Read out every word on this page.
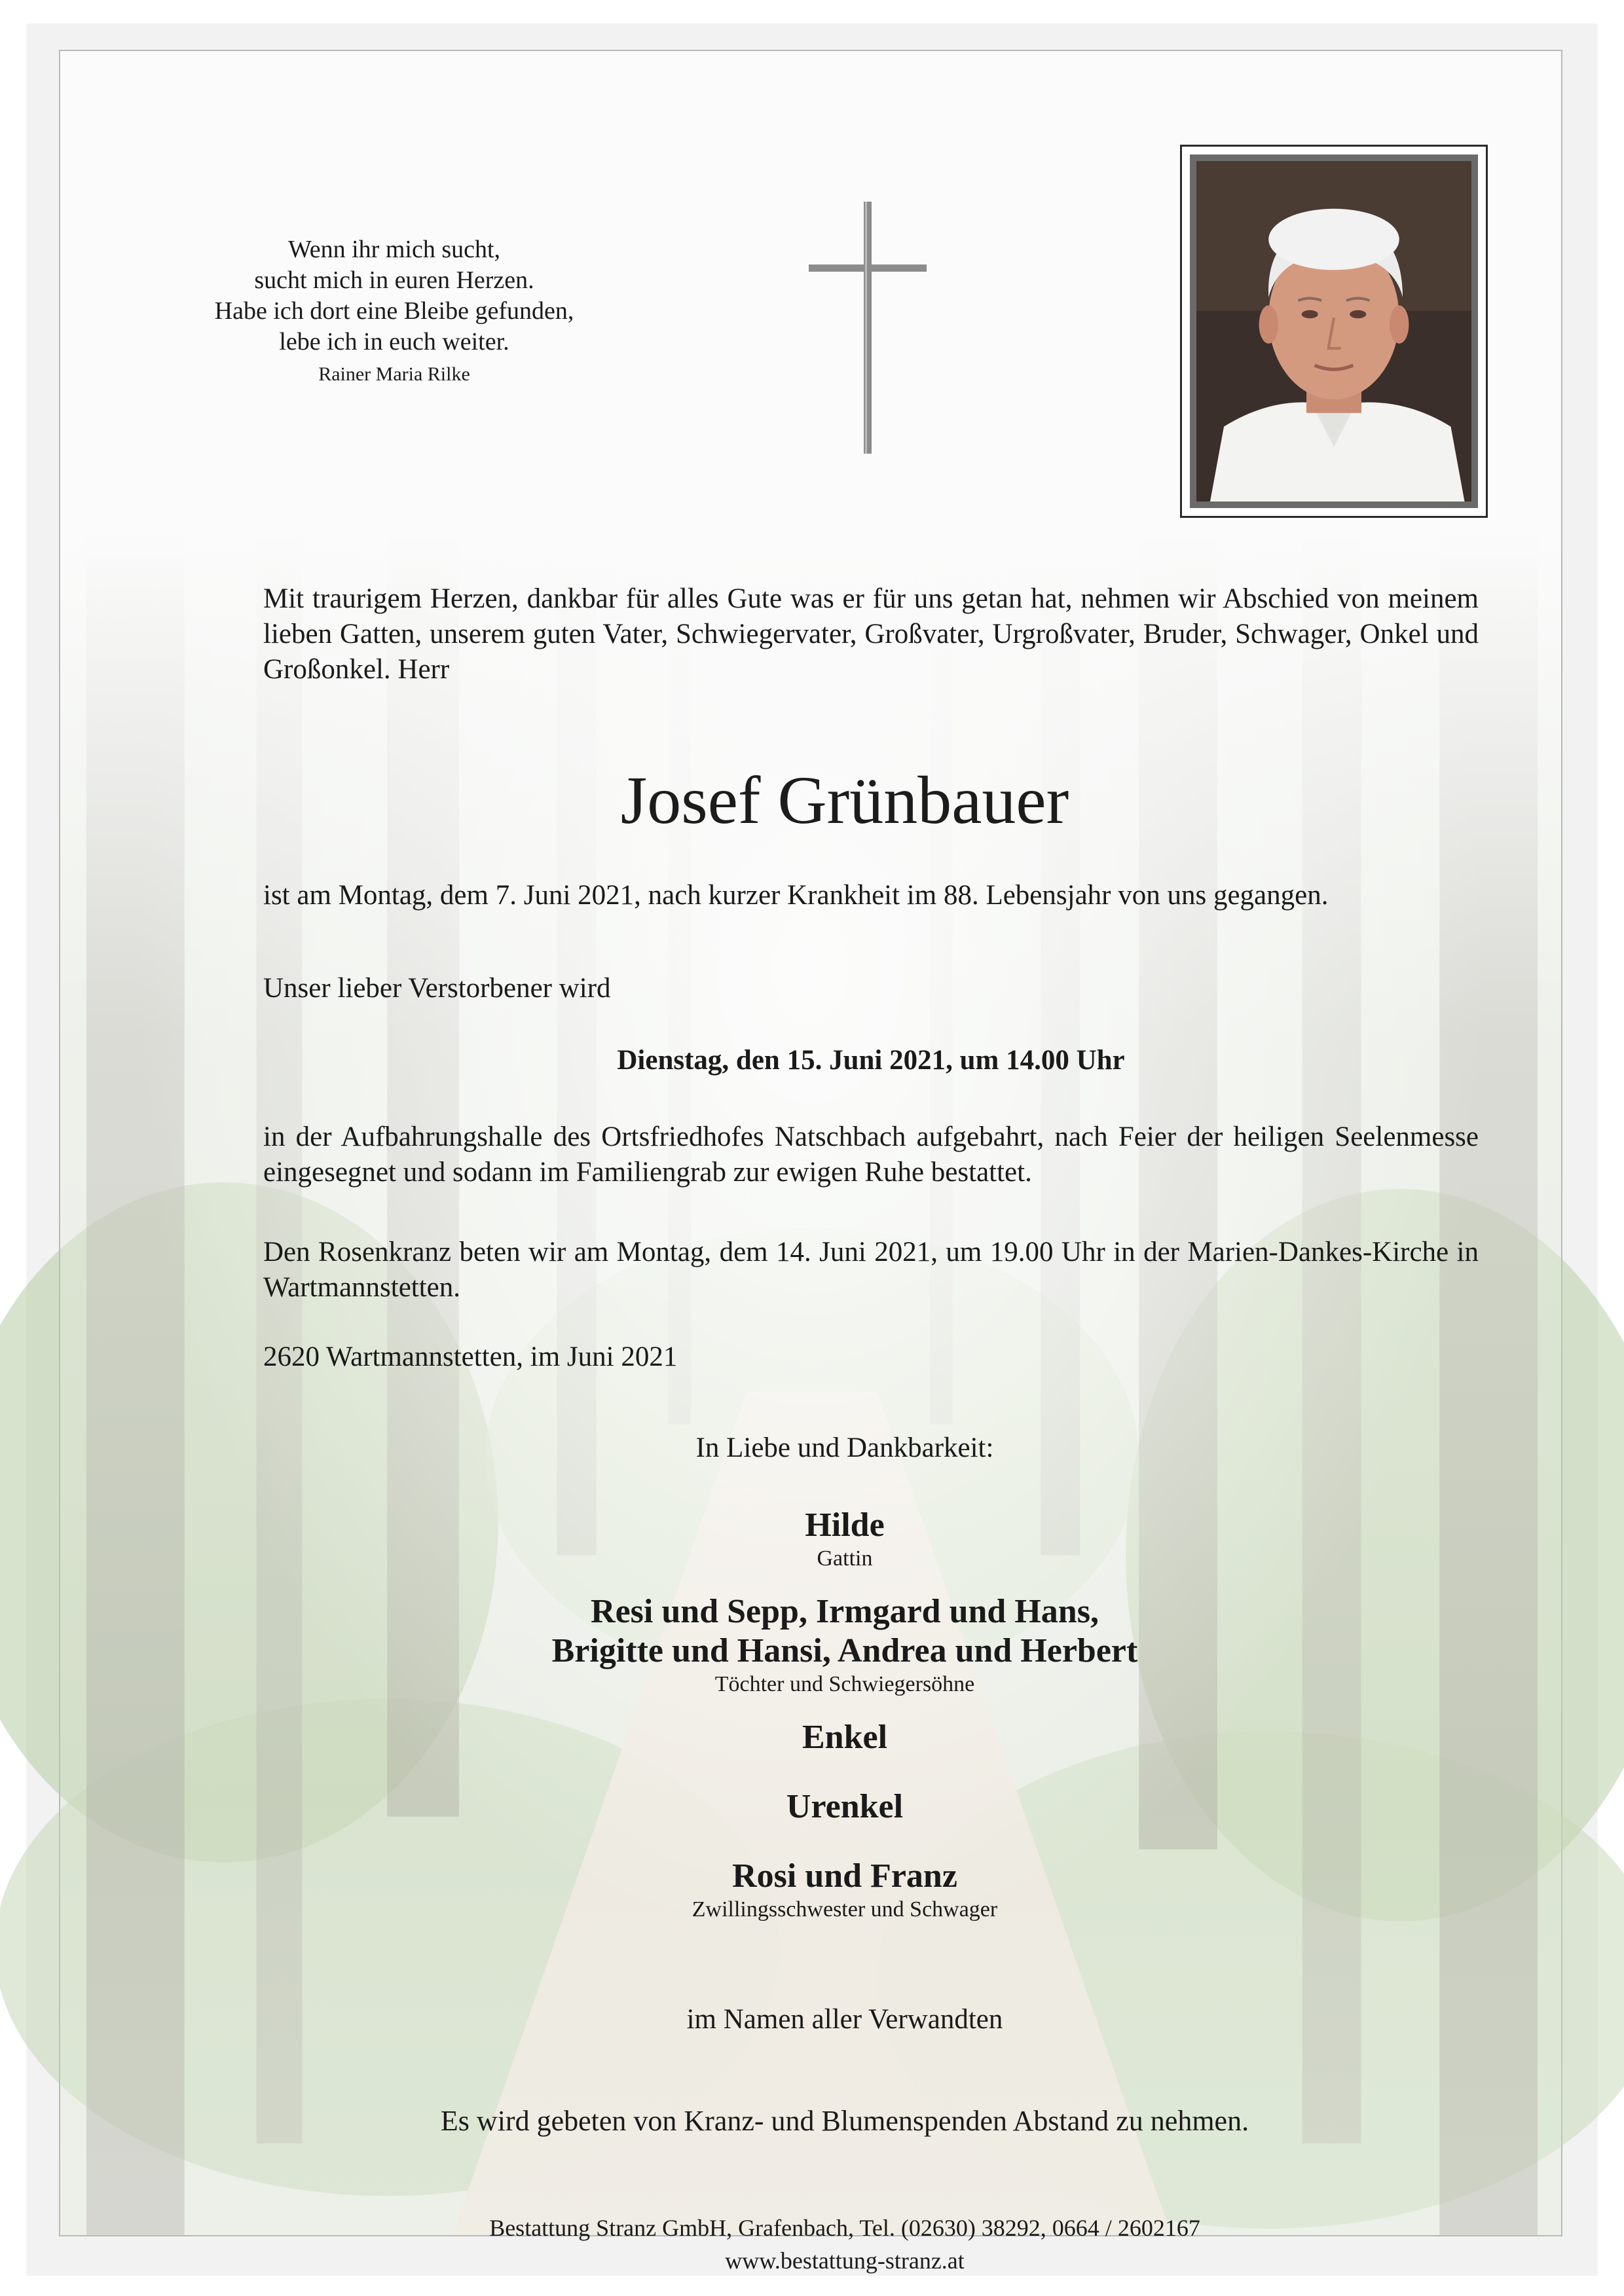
Wenn ihr mich sucht,
sucht mich in euren Herzen.
Habe ich dort eine Bleibe gefunden,
lebe ich in euch weiter.
Rainer Maria Rilke
Mit traurigem Herzen, dankbar für alles Gute was er für uns getan hat, nehmen wir Abschied von meinem lieben Gatten, unserem guten Vater, Schwiegervater, Großvater, Urgroßvater, Bruder, Schwager, Onkel und Großonkel. Herr
Josef Grünbauer
ist am Montag, dem 7. Juni 2021, nach kurzer Krankheit im 88. Lebensjahr von uns gegangen.
Unser lieber Verstorbener wird
Dienstag, den 15. Juni 2021, um 14.00 Uhr
in der Aufbahrungshalle des Ortsfriedhofes Natschbach aufgebahrt, nach Feier der heiligen Seelenmesse eingesegnet und sodann im Familiengrab zur ewigen Ruhe bestattet.
Den Rosenkranz beten wir am Montag, dem 14. Juni 2021, um 19.00 Uhr in der Marien-Dankes-Kirche in Wartmannstetten.
2620 Wartmannstetten, im Juni 2021
In Liebe und Dankbarkeit:
Hilde
Gattin
Resi und Sepp, Irmgard und Hans,
Brigitte und Hansi, Andrea und Herbert
Töchter und Schwiegersöhne
Enkel
Urenkel
Rosi und Franz
Zwillingsschwester und Schwager
im Namen aller Verwandten
Es wird gebeten von Kranz- und Blumenspenden Abstand zu nehmen.
Bestattung Stranz GmbH, Grafenbach, Tel. (02630) 38292, 0664 / 2602167
www.bestattung-stranz.at
